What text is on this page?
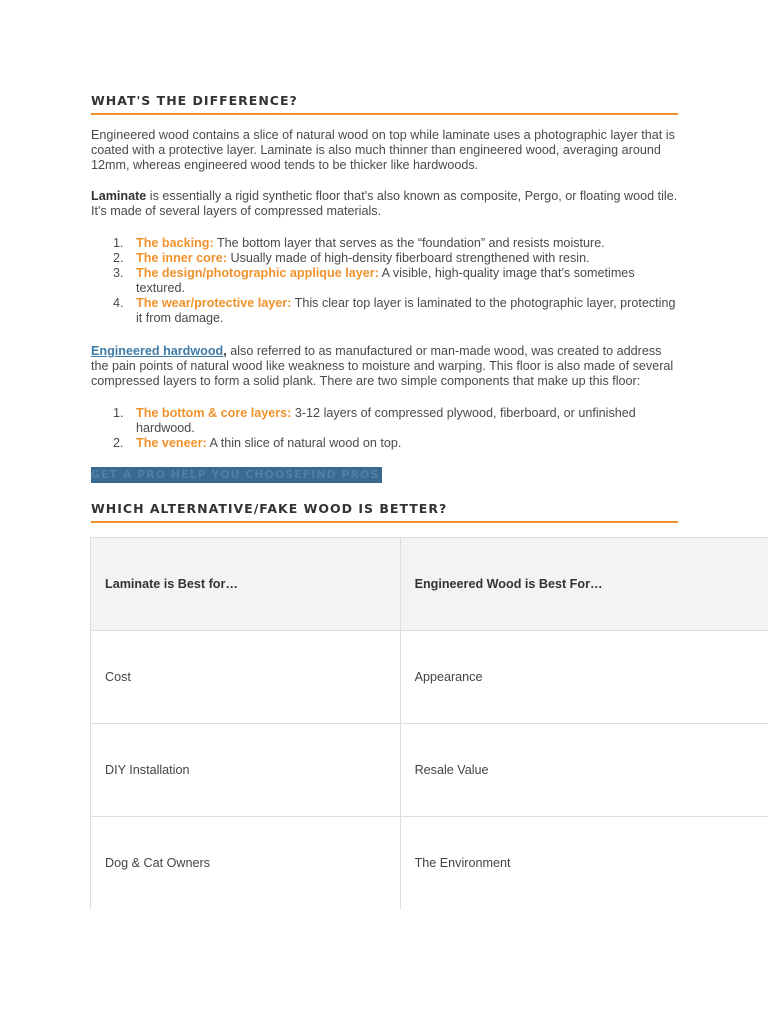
WHAT'S THE DIFFERENCE?

Engineered wood contains a slice of natural wood on top while laminate uses a photographic layer that is coated with a protective layer. Laminate is also much thinner than engineered wood, averaging around 12mm, whereas engineered wood tends to be thicker like hardwoods.

Laminate is essentially a rigid synthetic floor that's also known as composite, Pergo, or floating wood tile. It's made of several layers of compressed materials.

1. The backing: The bottom layer that serves as the “foundation” and resists moisture.
2. The inner core: Usually made of high-density fiberboard strengthened with resin.
3. The design/photographic applique layer: A visible, high-quality image that's sometimes textured.
4. The wear/protective layer: This clear top layer is laminated to the photographic layer, protecting it from damage.

Engineered hardwood, also referred to as manufactured or man-made wood, was created to address the pain points of natural wood like weakness to moisture and warping. This floor is also made of several compressed layers to form a solid plank. There are two simple components that make up this floor:

1. The bottom & core layers: 3-12 layers of compressed plywood, fiberboard, or unfinished hardwood.
2. The veneer: A thin slice of natural wood on top.
GET A PRO HELP YOU CHOOSEFIND PROS
WHICH ALTERNATIVE/FAKE WOOD IS BETTER?
Laminate is Best for…	Engineered Wood is Best For…
Cost	Appearance
DIY Installation	Resale Value
Dog & Cat Owners	The Environment
